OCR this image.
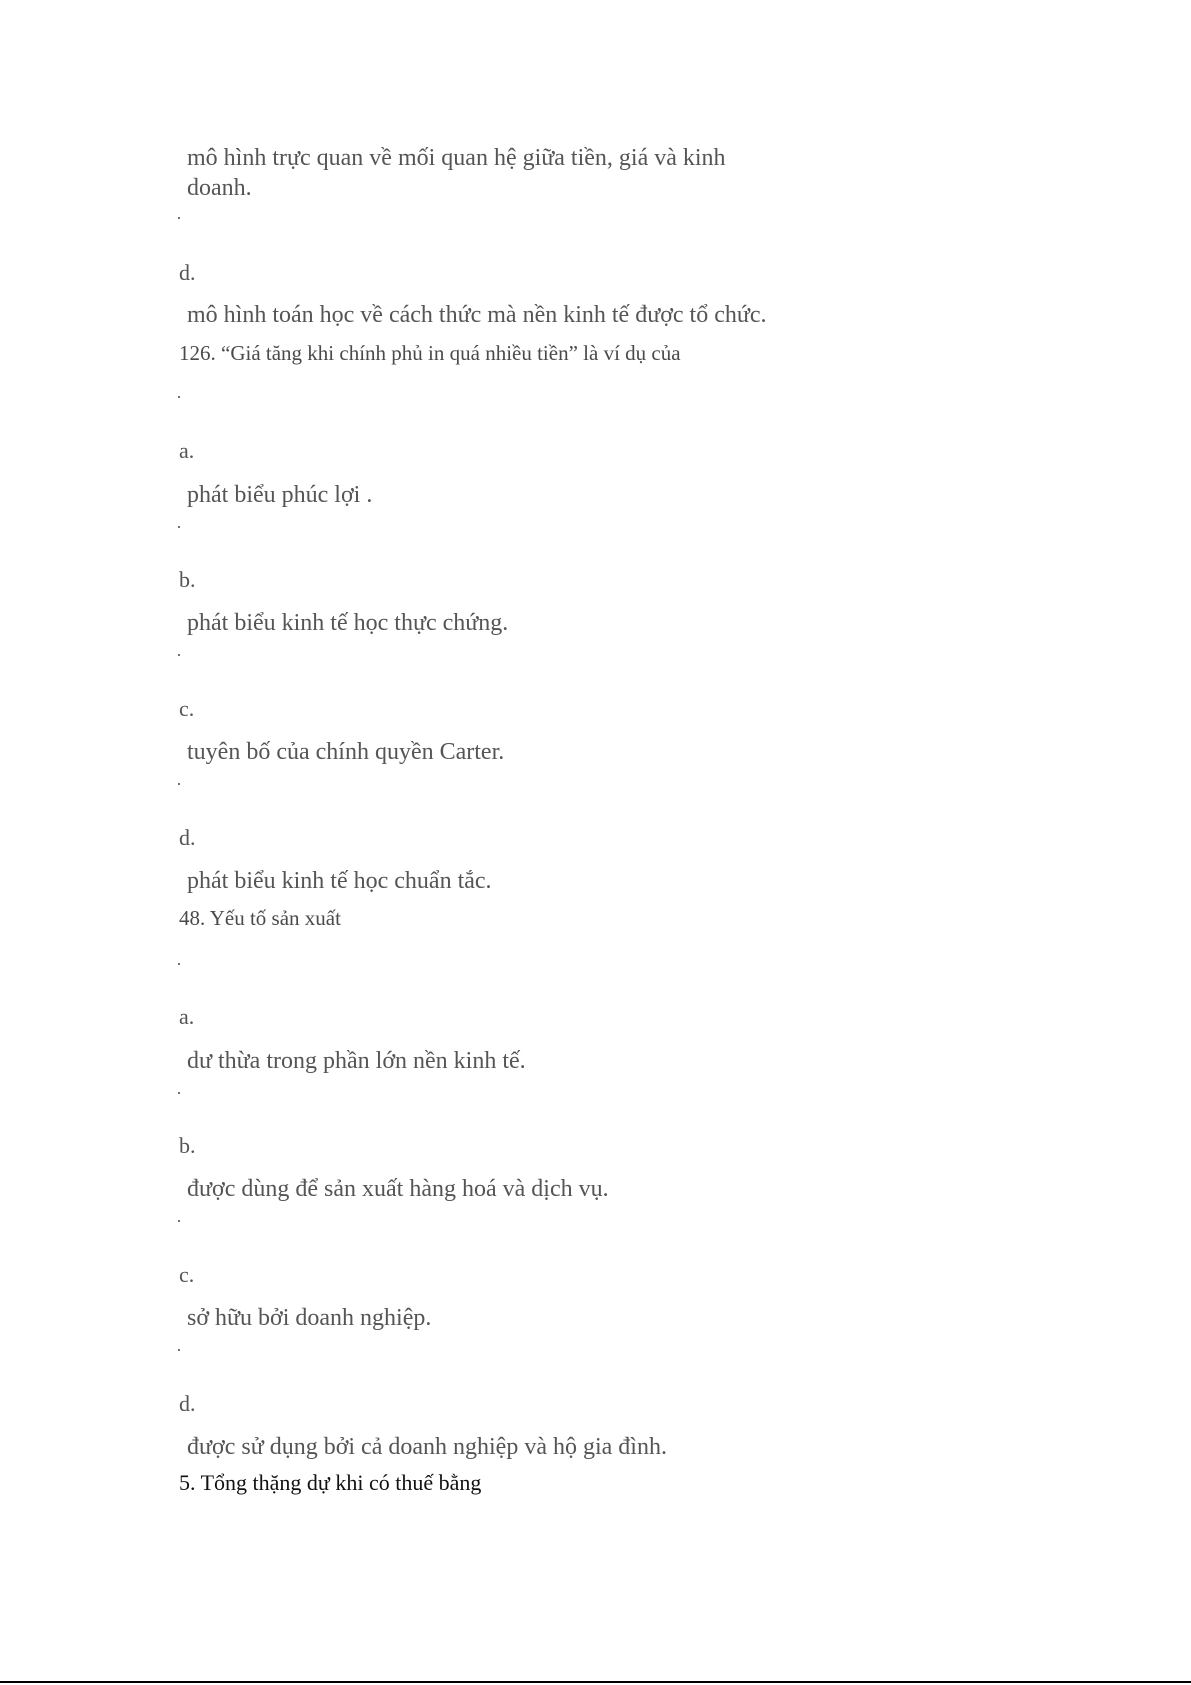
mô hình trực quan về mối quan hệ giữa tiền, giá và kinh
doanh.
d.
mô hình toán học về cách thức mà nền kinh tế được tổ chức.
126. “Giá tăng khi chính phủ in quá nhiều tiền” là ví dụ của
a.
phát biểu phúc lợi .
b.
phát biểu kinh tế học thực chứng.
c.
tuyên bố của chính quyền Carter.
d.
phát biểu kinh tế học chuẩn tắc.
48. Yếu tố sản xuất
a.
dư thừa trong phần lớn nền kinh tế.
b.
được dùng để sản xuất hàng hoá và dịch vụ.
c.
sở hữu bởi doanh nghiệp.
d.
được sử dụng bởi cả doanh nghiệp và hộ gia đình.
5. Tổng thặng dự khi có thuế bằng
